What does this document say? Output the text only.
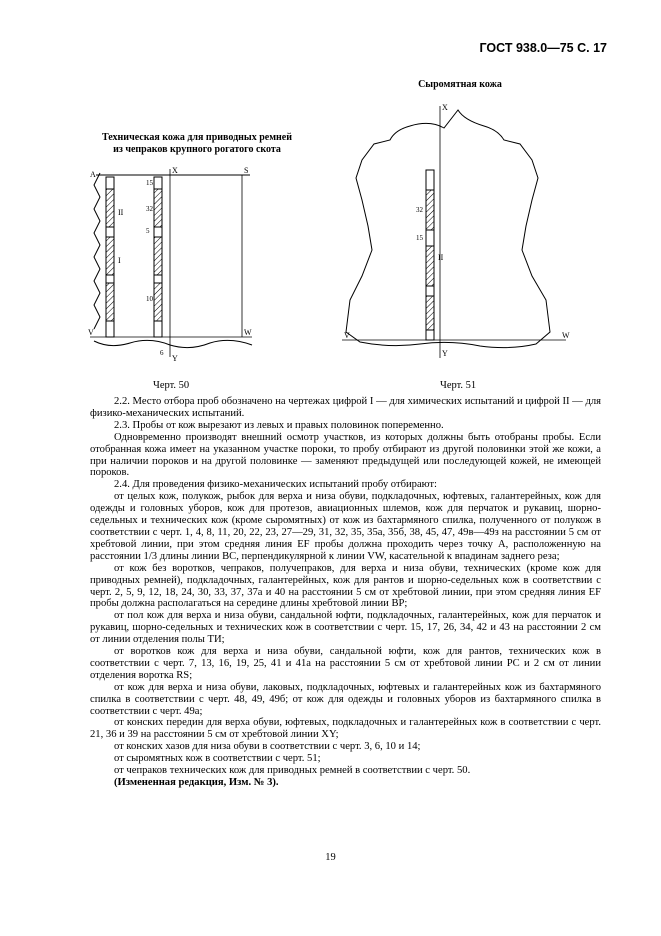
ГОСТ 938.0—75 С. 17
Техническая кожа для приводных ремней
из чепраков крупного рогатого скота
Сыромятная кожа
A	S
X
V	W
Y
15
32
5
10
6
II
I
X
V	W
Y
32
15
II
Черт. 50	Черт. 51

2.2. Место отбора проб обозначено на чертежах цифрой I — для химических испытаний и цифрой II — для физико-механических испытаний.

2.3. Пробы от кож вырезают из левых и правых половинок попеременно.

Одновременно производят внешний осмотр участков, из которых должны быть отобраны пробы. Если отобранная кожа имеет на указанном участке пороки, то пробу отбирают из другой половинки этой же кожи, а при наличии пороков и на другой половинке — заменяют предыдущей или последующей кожей, не имеющей пороков.

2.4. Для проведения физико-механических испытаний пробу отбирают:

от целых кож, полукож, рыбок для верха и низа обуви, подкладочных, юфтевых, галантерейных, кож для одежды и головных уборов, кож для протезов, авиационных шлемов, кож для перчаток и рукавиц, шорно-седельных и технических кож (кроме сыромятных) от кож из бахтармяного спилка, полученного от полукож в соответствии с черт. 1, 4, 8, 11, 20, 22, 23, 27—29, 31, 32, 35, 35а, 35б, 38, 45, 47, 49в—49з на расстоянии 5 см от хребтовой линии, при этом средняя линия EF пробы должна проходить через точку A, расположенную на расстоянии 1/3 длины линии BC, перпендикулярной к линии VW, касательной к впадинам заднего реза;

от кож без воротков, чепраков, получепраков, для верха и низа обуви, технических (кроме кож для приводных ремней), подкладочных, галантерейных, кож для рантов и шорно-седельных кож в соответствии с черт. 2, 5, 9, 12, 18, 24, 30, 33, 37, 37а и 40 на расстоянии 5 см от хребтовой линии, при этом средняя линия EF пробы должна располагаться на середине длины хребтовой линии BP;

от пол кож для верха и низа обуви, сандальной юфти, подкладочных, галантерейных, кож для перчаток и рукавиц, шорно-седельных и технических кож в соответствии с черт. 15, 17, 26, 34, 42 и 43 на расстоянии 2 см от линии отделения полы TИ;

от воротков кож для верха и низа обуви, сандальной юфти, кож для рантов, технических кож в соответствии с черт. 7, 13, 16, 19, 25, 41 и 41а на расстоянии 5 см от хребтовой линии PC и 2 см от линии отделения воротка RS;

от кож для верха и низа обуви, лаковых, подкладочных, юфтевых и галантерейных кож из бахтармяного спилка в соответствии с черт. 48, 49, 49б; от кож для одежды и головных уборов из бахтармяного спилка в соответствии с черт. 49а;

от конских передин для верха обуви, юфтевых, подкладочных и галантерейных кож в соответствии с черт. 21, 36 и 39 на расстоянии 5 см от хребтовой линии XY;

от конских хазов для низа обуви в соответствии с черт. 3, 6, 10 и 14;

от сыромятных кож в соответствии с черт. 51;

от чепраков технических кож для приводных ремней в соответствии с черт. 50.

(Измененная редакция, Изм. № 3).

19
